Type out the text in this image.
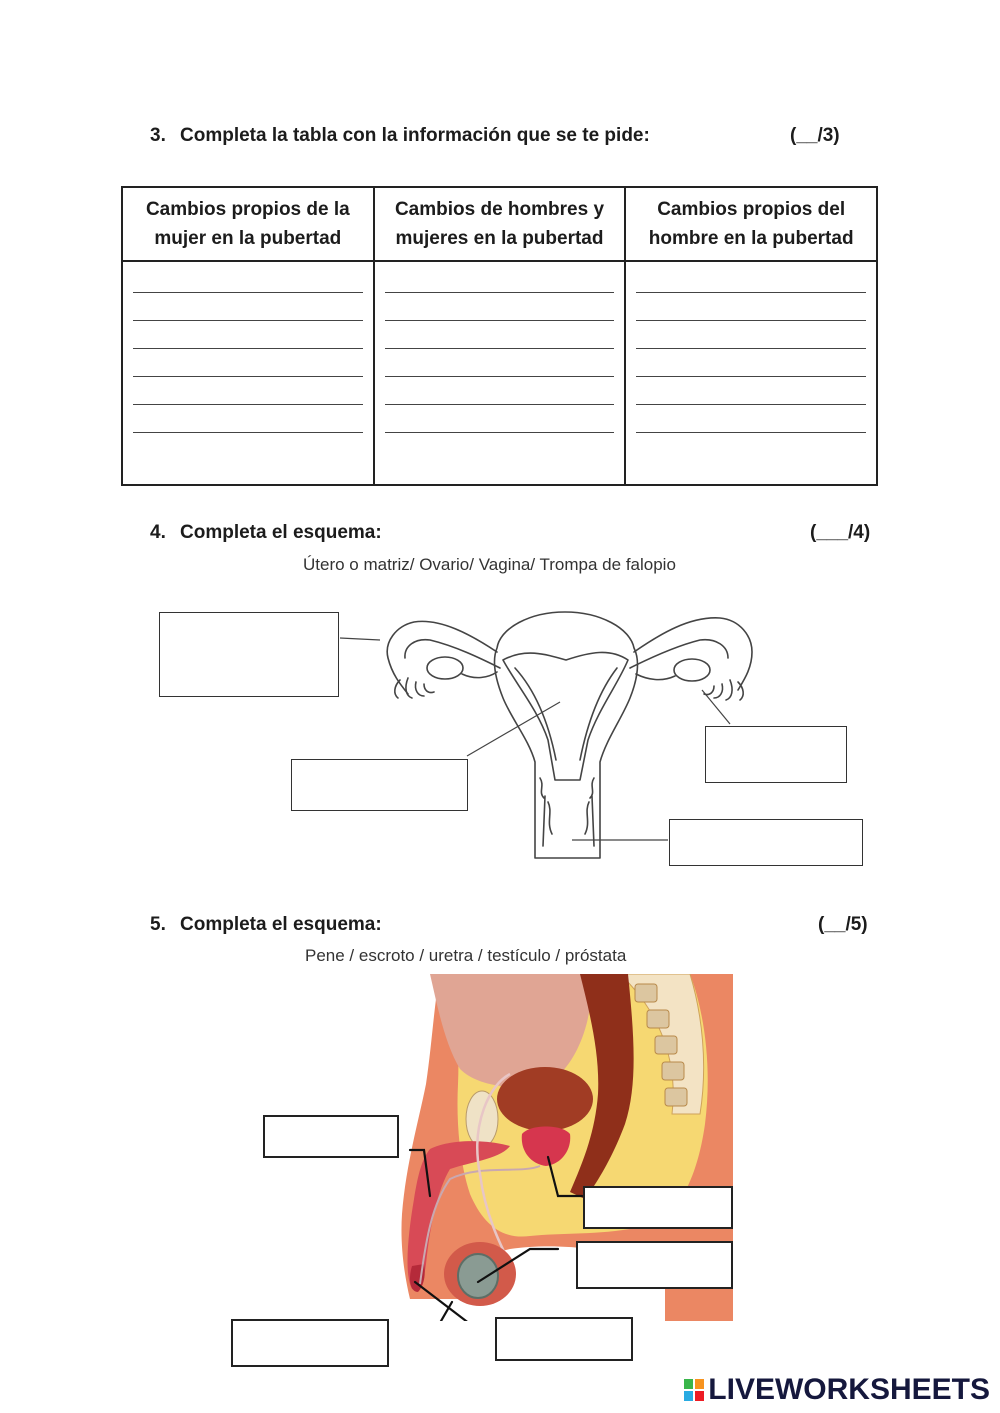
3. Completa la tabla con la información que se te pide:	(__/3)
Cambios propios de la mujer en la pubertad	Cambios de hombres y mujeres en la pubertad	Cambios propios del hombre en la pubertad

4. Completa el esquema:	(___/4)
Útero o matriz/ Ovario/ Vagina/ Trompa de falopio
5. Completa el esquema:	(__/5)
Pene / escroto / uretra / testículo / próstata
LIVEWORKSHEETS
